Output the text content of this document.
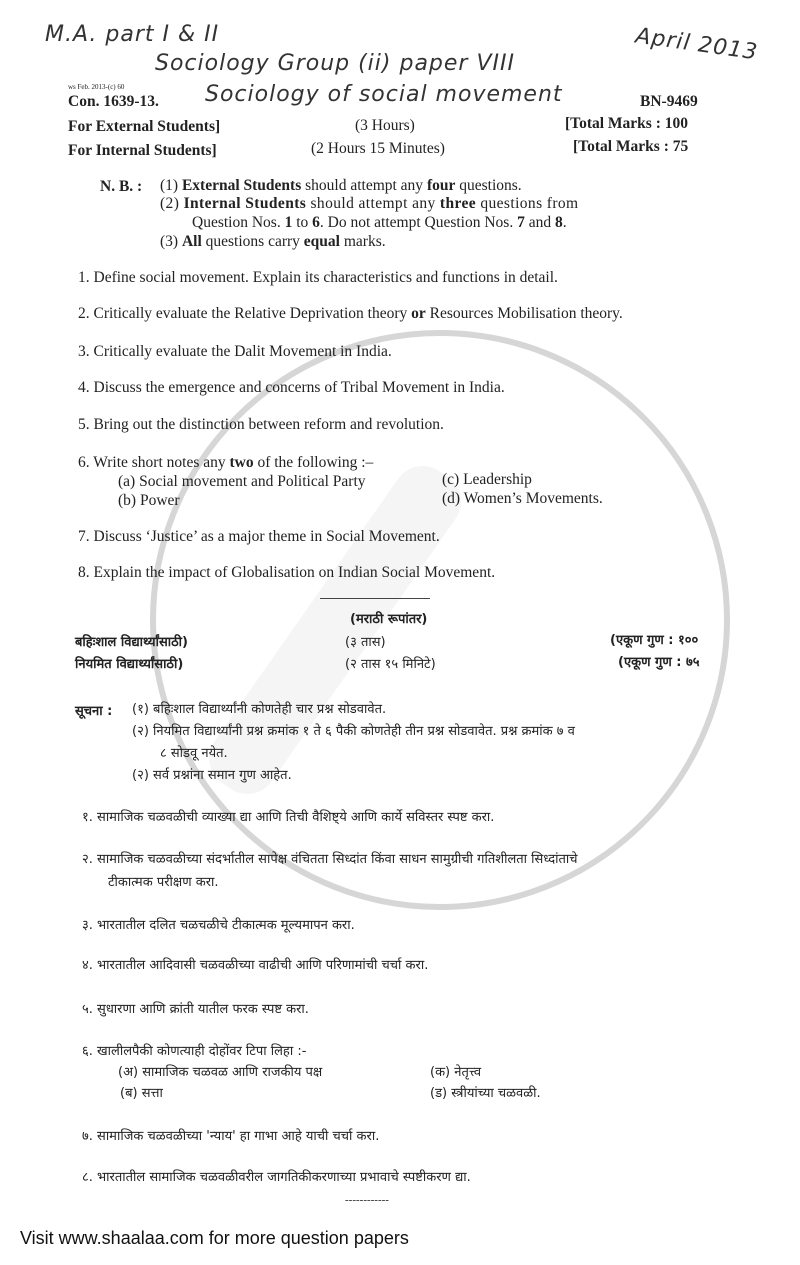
M.A. part I & II
Sociology Group (ii) paper VIII	April 2013
ws Feb. 2013-(c) 60
Con. 1639-13. Sociology of social movement	BN-9469
For External Students]	(3 Hours)	[Total Marks : 100
For Internal Students]	(2 Hours 15 Minutes)	[Total Marks : 75
N. B. : (1) External Students should attempt any four questions.
(2) Internal Students should attempt any three questions from
Question Nos. 1 to 6. Do not attempt Question Nos. 7 and 8.
(3) All questions carry equal marks.
1. Define social movement. Explain its characteristics and functions in detail.
2. Critically evaluate the Relative Deprivation theory or Resources Mobilisation theory.
3. Critically evaluate the Dalit Movement in India.
4. Discuss the emergence and concerns of Tribal Movement in India.
5. Bring out the distinction between reform and revolution.
6. Write short notes any two of the following :–
(a) Social movement and Political Party
(b) Power
(c) Leadership
(d) Women’s Movements.
7. Discuss ‘Justice’ as a major theme in Social Movement.
8. Explain the impact of Globalisation on Indian Social Movement.
(मराठी रूपांतर)
बहिःशाल विद्यार्थ्यांसाठी)	(३ तास)	(एकूण गुण : १००
नियमित विद्यार्थ्यांसाठी)	(२ तास १५ मिनिटे)	(एकूण गुण : ७५
सूचना : (१) बहिःशाल विद्यार्थ्यांनी कोणतेही चार प्रश्न सोडवावेत.
(२) नियमित विद्यार्थ्यांनी प्रश्न क्रमांक १ ते ६ पैकी कोणतेही तीन प्रश्न सोडवावेत. प्रश्न क्रमांक ७ व
८ सोडवू नयेत.
(२) सर्व प्रश्नांना समान गुण आहेत.
१. सामाजिक चळवळीची व्याख्या द्या आणि तिची वैशिष्ट्ये आणि कार्ये सविस्तर स्पष्ट करा.
२. सामाजिक चळवळीच्या संदर्भातील सापेक्ष वंचितता सिध्दांत किंवा साधन सामुग्रीची गतिशीलता सिध्दांताचे
टीकात्मक परीक्षण करा.
३. भारतातील दलित चळचळीचे टीकात्मक मूल्यमापन करा.
४. भारतातील आदिवासी चळवळीच्या वाढीची आणि परिणामांची चर्चा करा.
५. सुधारणा आणि क्रांती यातील फरक स्पष्ट करा.
६. खालीलपैकी कोणत्याही दोहोंवर टिपा लिहा :-
(अ) सामाजिक चळवळ आणि राजकीय पक्ष
(ब) सत्ता
(क) नेतृत्त्व
(ड) स्त्रीयांच्या चळवळी.
७. सामाजिक चळवळीच्या 'न्याय' हा गाभा आहे याची चर्चा करा.
८. भारतातील सामाजिक चळवळीवरील जागतिकीकरणाच्या प्रभावाचे स्पष्टीकरण द्या.
------------
Visit www.shaalaa.com for more question papers
